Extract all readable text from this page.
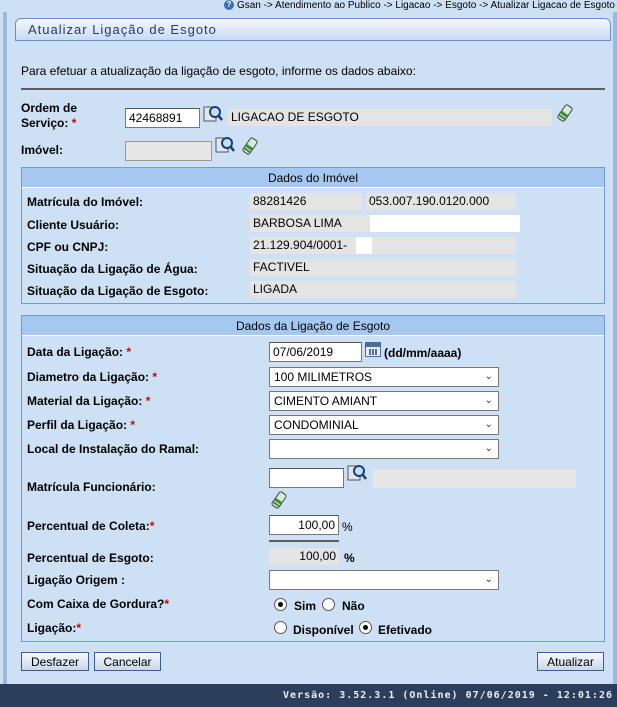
? Gsan -> Atendimento ao Publico -> Ligacao -> Esgoto -> Atualizar Ligacao de Esgoto
Atualizar Ligação de Esgoto
Para efetuar a atualização da ligação de esgoto, informe os dados abaixo:
Ordem de
Serviço: *
42468891	LIGACAO DE ESGOTO
Imóvel:
Dados do Imóvel
Matrícula do Imóvel:	88281426	053.007.190.0120.000
Cliente Usuário:	BARBOSA LIMA
CPF ou CNPJ:	21.129.904/0001-
Situação da Ligação de Água:	FACTIVEL
Situação da Ligação de Esgoto:	LIGADA
Dados da Ligação de Esgoto
Data da Ligação: *
07/06/2019	(dd/mm/aaaa)
Diametro da Ligação: *	100 MILIMETROS	⌄
Material da Ligação: *	CIMENTO AMIANT	⌄
Perfil da Ligação: *	CONDOMINIAL	⌄
Local de Instalação do Ramal:	⌄
Matrícula Funcionário:
Percentual de Coleta:*
100,00	%
Percentual de Esgoto:	100,00 %
Ligação Origem :	⌄
Com Caixa de Gordura?*	Sim Não
Ligação:*	Disponível Efetivado
Desfazer	Cancelar	Atualizar
Versão: 3.52.3.1 (Online) 07/06/2019 - 12:01:26
